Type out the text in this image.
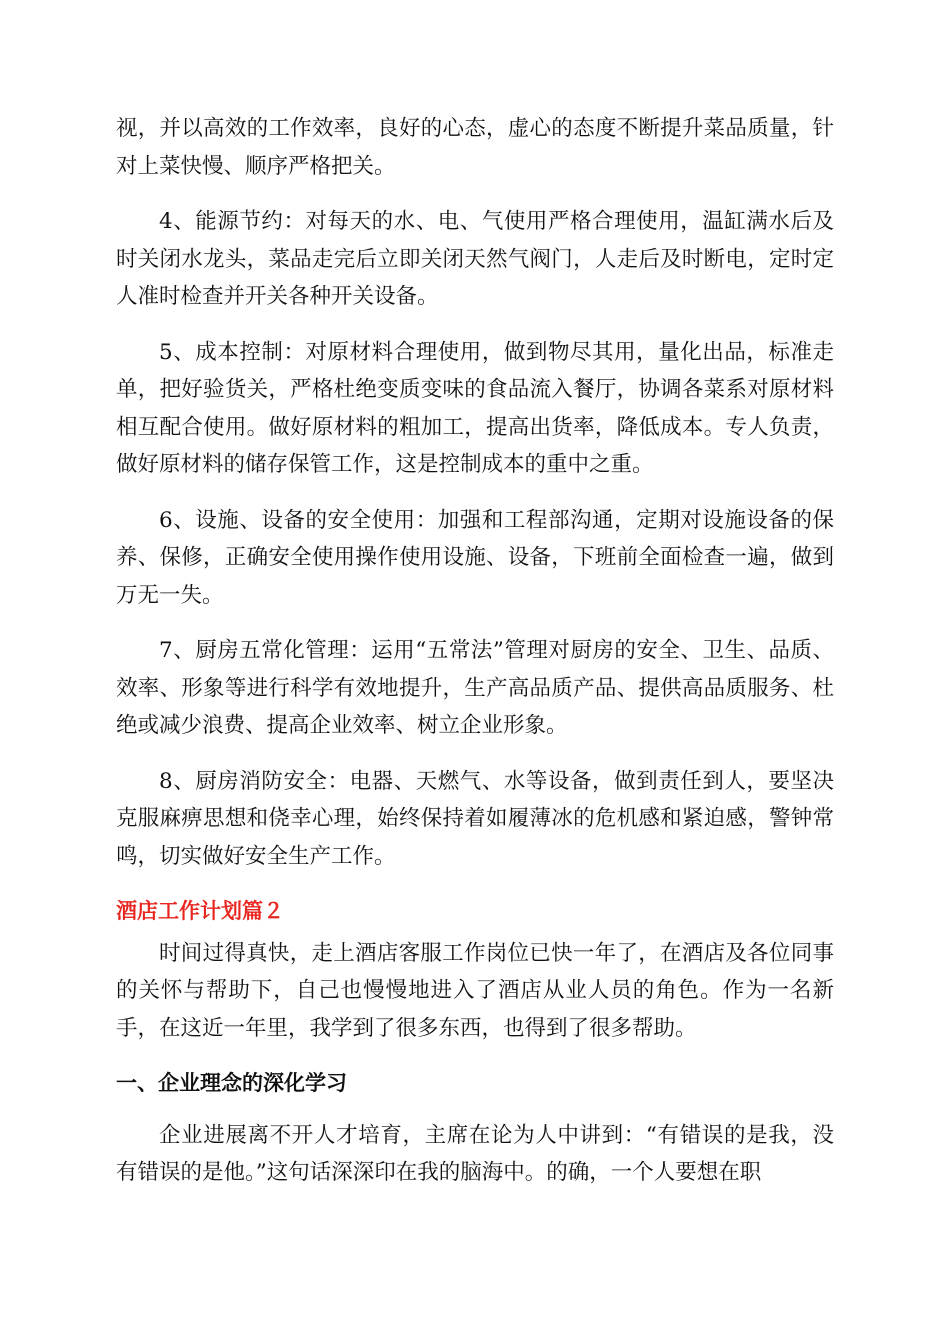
视，并以高效的工作效率，良好的心态，虚心的态度不断提升菜品质量，针对上菜快慢、顺序严格把关。

4、能源节约：对每天的水、电、气使用严格合理使用，温缸满水后及时关闭水龙头，菜品走完后立即关闭天然气阀门，人走后及时断电，定时定人准时检查并开关各种开关设备。

5、成本控制：对原材料合理使用，做到物尽其用，量化出品，标准走单，把好验货关，严格杜绝变质变味的食品流入餐厅，协调各菜系对原材料相互配合使用。做好原材料的粗加工，提高出货率，降低成本。专人负责，做好原材料的储存保管工作，这是控制成本的重中之重。

6、设施、设备的安全使用：加强和工程部沟通，定期对设施设备的保养、保修，正确安全使用操作使用设施、设备，下班前全面检查一遍，做到万无一失。

7、厨房五常化管理：运用“五常法”管理对厨房的安全、卫生、品质、效率、形象等进行科学有效地提升，生产高品质产品、提供高品质服务、杜绝或减少浪费、提高企业效率、树立企业形象。

8、厨房消防安全：电器、天燃气、水等设备，做到责任到人，要坚决克服麻痹思想和侥幸心理，始终保持着如履薄冰的危机感和紧迫感，警钟常鸣，切实做好安全生产工作。

酒店工作计划篇２

时间过得真快，走上酒店客服工作岗位已快一年了，在酒店及各位同事的关怀与帮助下，自己也慢慢地进入了酒店从业人员的角色。作为一名新手，在这近一年里，我学到了很多东西，也得到了很多帮助。

一、企业理念的深化学习

企业进展离不开人才培育，主席在论为人中讲到：“有错误的是我，没有错误的是他。”这句话深深印在我的脑海中。的确，一个人要想在职
